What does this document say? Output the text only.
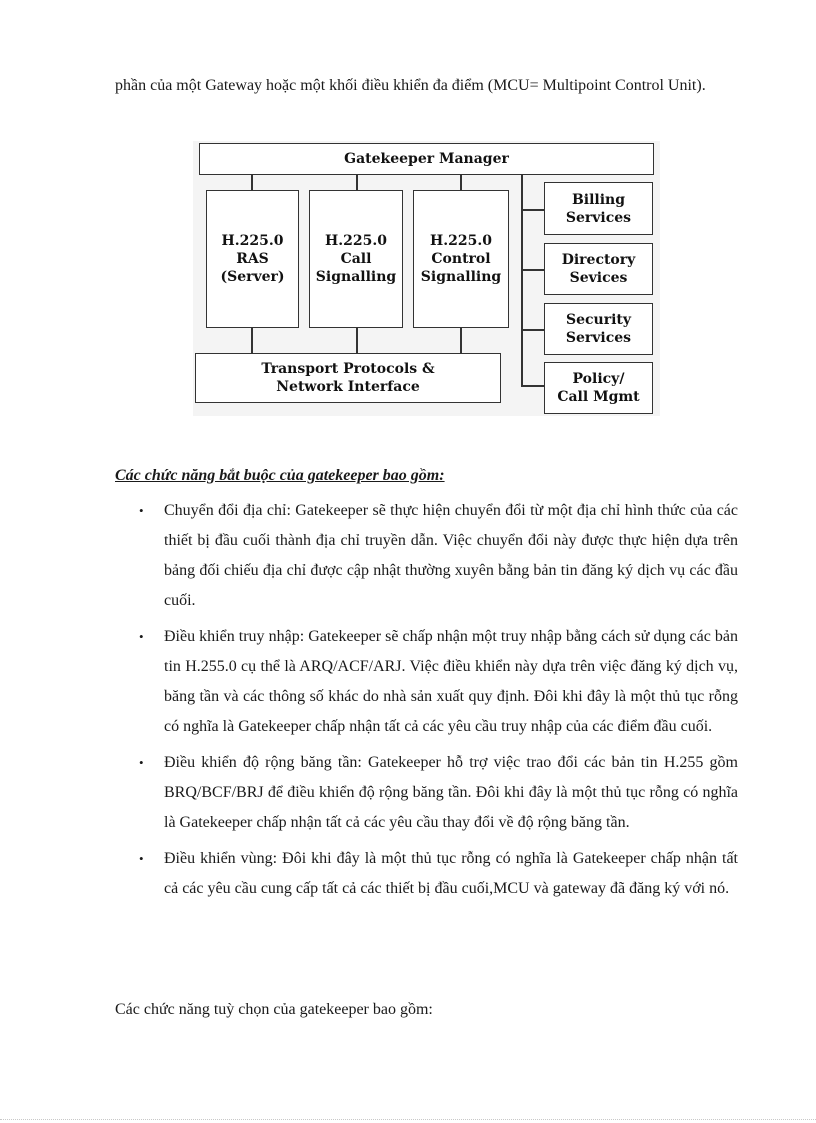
phần của một Gateway hoặc một khối điều khiển đa điểm (MCU= Multipoint Control Unit).

Gatekeeper Manager
H.225.0
RAS
(Server)
H.225.0
Call
Signalling
H.225.0
Control
Signalling
Transport Protocols &
Network Interface
Billing
Services
Directory
Sevices
Security
Services
Policy/
Call Mgmt

Các chức năng bắt buộc của gatekeeper bao gồm:

• Chuyển đổi địa chỉ: Gatekeeper sẽ thực hiện chuyển đổi từ một địa chỉ hình thức của các thiết bị đầu cuối thành địa chỉ truyền dẫn. Việc chuyển đổi này được thực hiện dựa trên bảng đối chiếu địa chỉ được cập nhật thường xuyên bằng bản tin đăng ký dịch vụ các đầu cuối.
• Điều khiển truy nhập: Gatekeeper sẽ chấp nhận một truy nhập bằng cách sử dụng các bản tin H.255.0 cụ thể là ARQ/ACF/ARJ. Việc điều khiển này dựa trên việc đăng ký dịch vụ, băng tần và các thông số khác do nhà sản xuất quy định. Đôi khi đây là một thủ tục rỗng có nghĩa là Gatekeeper chấp nhận tất cả các yêu cầu truy nhập của các điểm đầu cuối.
• Điều khiển độ rộng băng tần: Gatekeeper hỗ trợ việc trao đổi các bản tin H.255 gồm BRQ/BCF/BRJ để điều khiển độ rộng băng tần. Đôi khi đây là một thủ tục rỗng có nghĩa là Gatekeeper chấp nhận tất cả các yêu cầu thay đổi về độ rộng băng tần.
• Điều khiển vùng: Đôi khi đây là một thủ tục rỗng có nghĩa là Gatekeeper chấp nhận tất cả các yêu cầu cung cấp tất cả các thiết bị đầu cuối,MCU và gateway đã đăng ký với nó.

Các chức năng tuỳ chọn của gatekeeper bao gồm:
